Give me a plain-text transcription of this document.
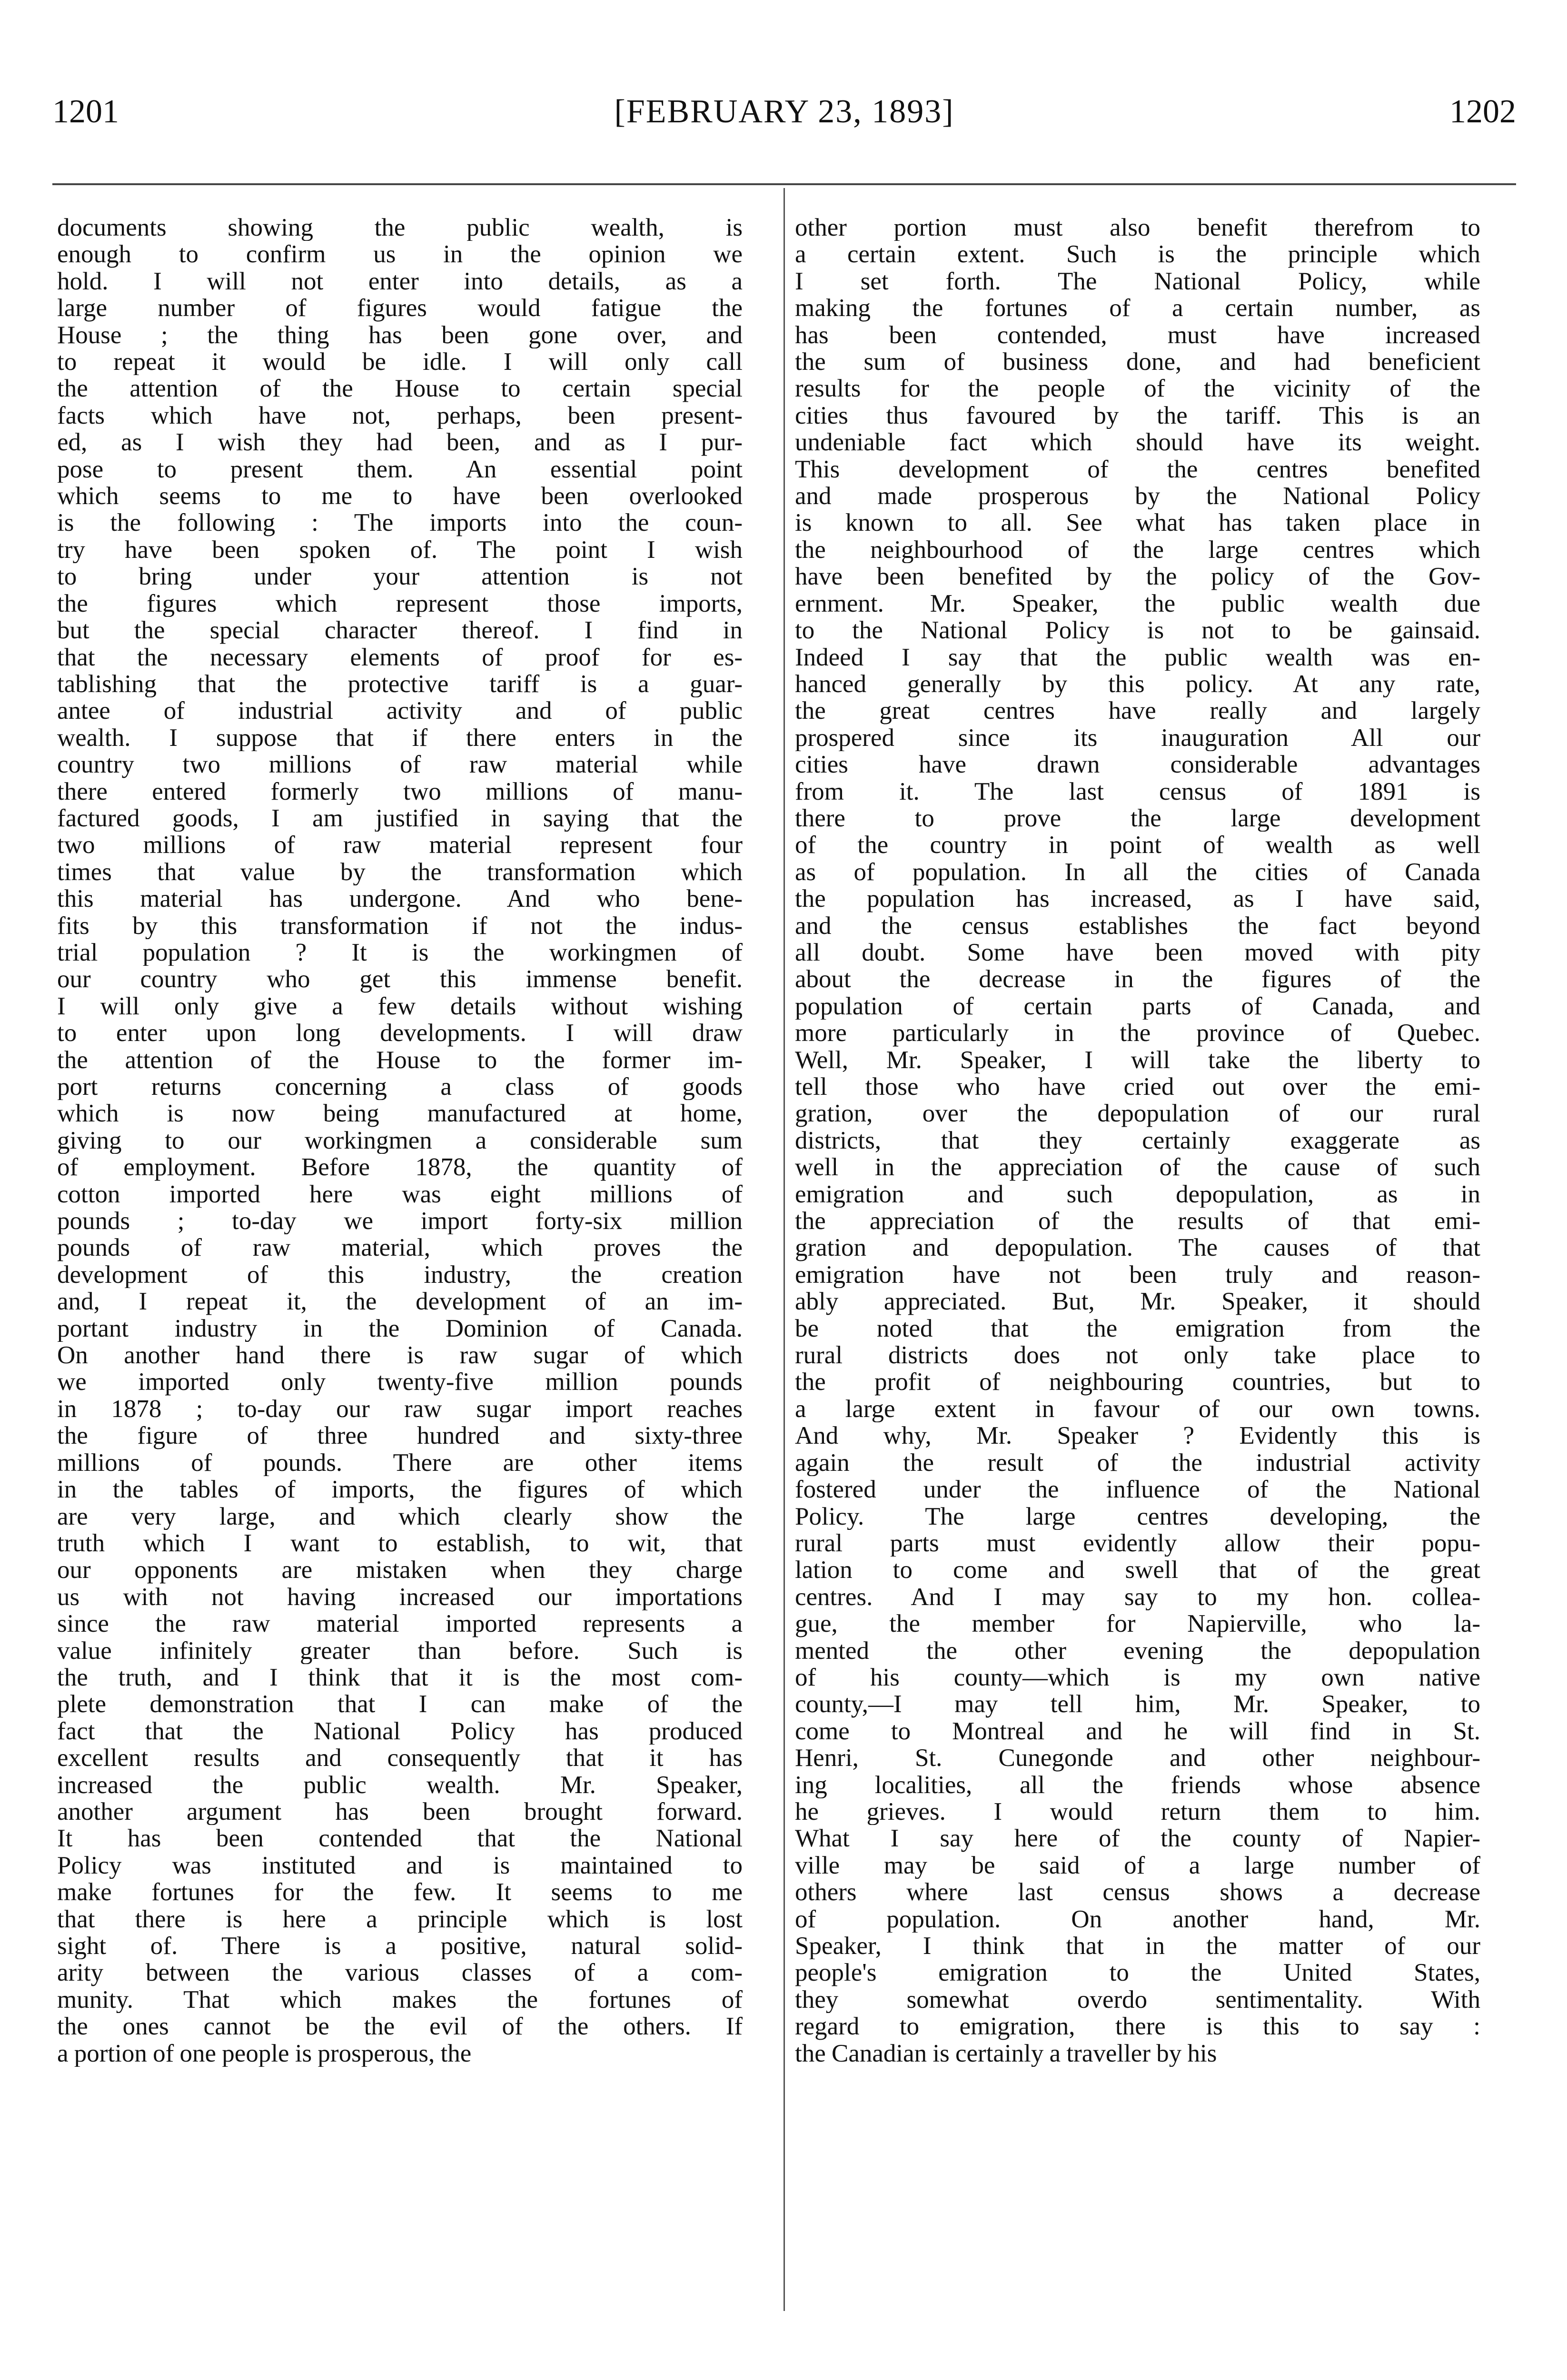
1201	[FEBRUARY 23, 1893]	1202
documents showing the public wealth, is
enough to confirm us in the opinion we
hold. I will not enter into details, as a
large number of figures would fatigue the
House ; the thing has been gone over, and
to repeat it would be idle. I will only call
the attention of the House to certain special
facts which have not, perhaps, been present-
ed, as I wish they had been, and as I pur-
pose to present them. An essential point
which seems to me to have been overlooked
is the following : The imports into the coun-
try have been spoken of. The point I wish
to bring under your attention is not
the figures which represent those imports,
but the special character thereof. I find in
that the necessary elements of proof for es-
tablishing that the protective tariff is a guar-
antee of industrial activity and of public
wealth. I suppose that if there enters in the
country two millions of raw material while
there entered formerly two millions of manu-
factured goods, I am justified in saying that the
two millions of raw material represent four
times that value by the transformation which
this material has undergone. And who bene-
fits by this transformation if not the indus-
trial population ? It is the workingmen of
our country who get this immense benefit.
I will only give a few details without wishing
to enter upon long developments. I will draw
the attention of the House to the former im-
port returns concerning a class of goods
which is now being manufactured at home,
giving to our workingmen a considerable sum
of employment. Before 1878, the quantity of
cotton imported here was eight millions of
pounds ; to-day we import forty-six million
pounds of raw material, which proves the
development of this industry, the creation
and, I repeat it, the development of an im-
portant industry in the Dominion of Canada.
On another hand there is raw sugar of which
we imported only twenty-five million pounds
in 1878 ; to-day our raw sugar import reaches
the figure of three hundred and sixty-three
millions of pounds. There are other items
in the tables of imports, the figures of which
are very large, and which clearly show the
truth which I want to establish, to wit, that
our opponents are mistaken when they charge
us with not having increased our importations
since the raw material imported represents a
value infinitely greater than before. Such is
the truth, and I think that it is the most com-
plete demonstration that I can make of the
fact that the National Policy has produced
excellent results and consequently that it has
increased the public wealth. Mr. Speaker,
another argument has been brought forward.
It has been contended that the National
Policy was instituted and is maintained to
make fortunes for the few. It seems to me
that there is here a principle which is lost
sight of. There is a positive, natural solid-
arity between the various classes of a com-
munity. That which makes the fortunes of
the ones cannot be the evil of the others. If
a portion of one people is prosperous, the
other portion must also benefit therefrom to
a certain extent. Such is the principle which
I set forth. The National Policy, while
making the fortunes of a certain number, as
has been contended, must have increased
the sum of business done, and had beneficient
results for the people of the vicinity of the
cities thus favoured by the tariff. This is an
undeniable fact which should have its weight.
This development of the centres benefited
and made prosperous by the National Policy
is known to all. See what has taken place in
the neighbourhood of the large centres which
have been benefited by the policy of the Gov-
ernment. Mr. Speaker, the public wealth due
to the National Policy is not to be gainsaid.
Indeed I say that the public wealth was en-
hanced generally by this policy. At any rate,
the great centres have really and largely
prospered since its inauguration All our
cities have drawn considerable advantages
from it. The last census of 1891 is
there to prove the large development
of the country in point of wealth as well
as of population. In all the cities of Canada
the population has increased, as I have said,
and the census establishes the fact beyond
all doubt. Some have been moved with pity
about the decrease in the figures of the
population of certain parts of Canada, and
more particularly in the province of Quebec.
Well, Mr. Speaker, I will take the liberty to
tell those who have cried out over the emi-
gration, over the depopulation of our rural
districts, that they certainly exaggerate as
well in the appreciation of the cause of such
emigration and such depopulation, as in
the appreciation of the results of that emi-
gration and depopulation. The causes of that
emigration have not been truly and reason-
ably appreciated. But, Mr. Speaker, it should
be noted that the emigration from the
rural districts does not only take place to
the profit of neighbouring countries, but to
a large extent in favour of our own towns.
And why, Mr. Speaker ? Evidently this is
again the result of the industrial activity
fostered under the influence of the National
Policy. The large centres developing, the
rural parts must evidently allow their popu-
lation to come and swell that of the great
centres. And I may say to my hon. collea-
gue, the member for Napierville, who la-
mented the other evening the depopulation
of his county—which is my own native
county,—I may tell him, Mr. Speaker, to
come to Montreal and he will find in St.
Henri, St. Cunegonde and other neighbour-
ing localities, all the friends whose absence
he grieves. I would return them to him.
What I say here of the county of Napier-
ville may be said of a large number of
others where last census shows a decrease
of population. On another hand, Mr.
Speaker, I think that in the matter of our
people's emigration to the United States,
they somewhat overdo sentimentality. With
regard to emigration, there is this to say :
the Canadian is certainly a traveller by his
